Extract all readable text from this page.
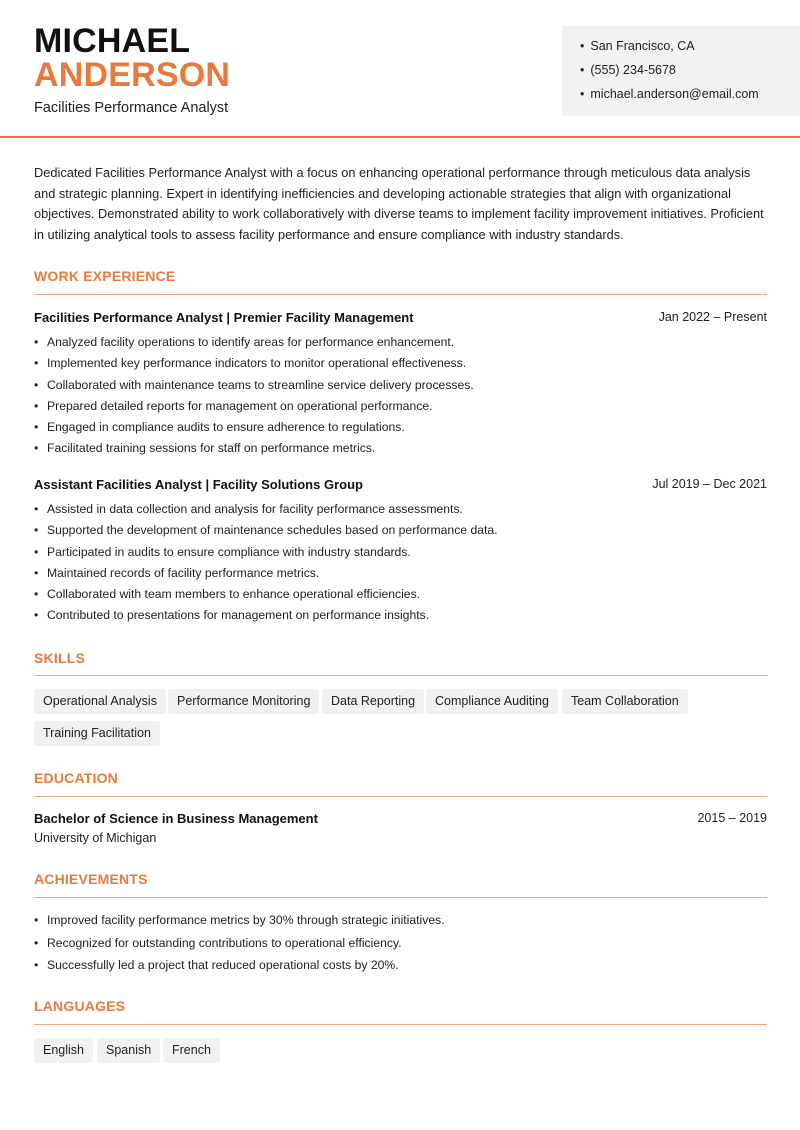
MICHAEL
ANDERSON
Facilities Performance Analyst
• San Francisco, CA
• (555) 234-5678
• michael.anderson@email.com
Dedicated Facilities Performance Analyst with a focus on enhancing operational performance through meticulous data analysis and strategic planning. Expert in identifying inefficiencies and developing actionable strategies that align with organizational objectives. Demonstrated ability to work collaboratively with diverse teams to implement facility improvement initiatives. Proficient in utilizing analytical tools to assess facility performance and ensure compliance with industry standards.
WORK EXPERIENCE
Facilities Performance Analyst | Premier Facility Management	Jan 2022 – Present
• Analyzed facility operations to identify areas for performance enhancement.
• Implemented key performance indicators to monitor operational effectiveness.
• Collaborated with maintenance teams to streamline service delivery processes.
• Prepared detailed reports for management on operational performance.
• Engaged in compliance audits to ensure adherence to regulations.
• Facilitated training sessions for staff on performance metrics.
Assistant Facilities Analyst | Facility Solutions Group	Jul 2019 – Dec 2021
• Assisted in data collection and analysis for facility performance assessments.
• Supported the development of maintenance schedules based on performance data.
• Participated in audits to ensure compliance with industry standards.
• Maintained records of facility performance metrics.
• Collaborated with team members to enhance operational efficiencies.
• Contributed to presentations for management on performance insights.
SKILLS
Operational Analysis	Performance Monitoring	Data Reporting	Compliance Auditing	Team Collaboration
Training Facilitation
EDUCATION
Bachelor of Science in Business Management
University of Michigan
2015 – 2019
ACHIEVEMENTS
• Improved facility performance metrics by 30% through strategic initiatives.
• Recognized for outstanding contributions to operational efficiency.
• Successfully led a project that reduced operational costs by 20%.
LANGUAGES
English	Spanish	French
